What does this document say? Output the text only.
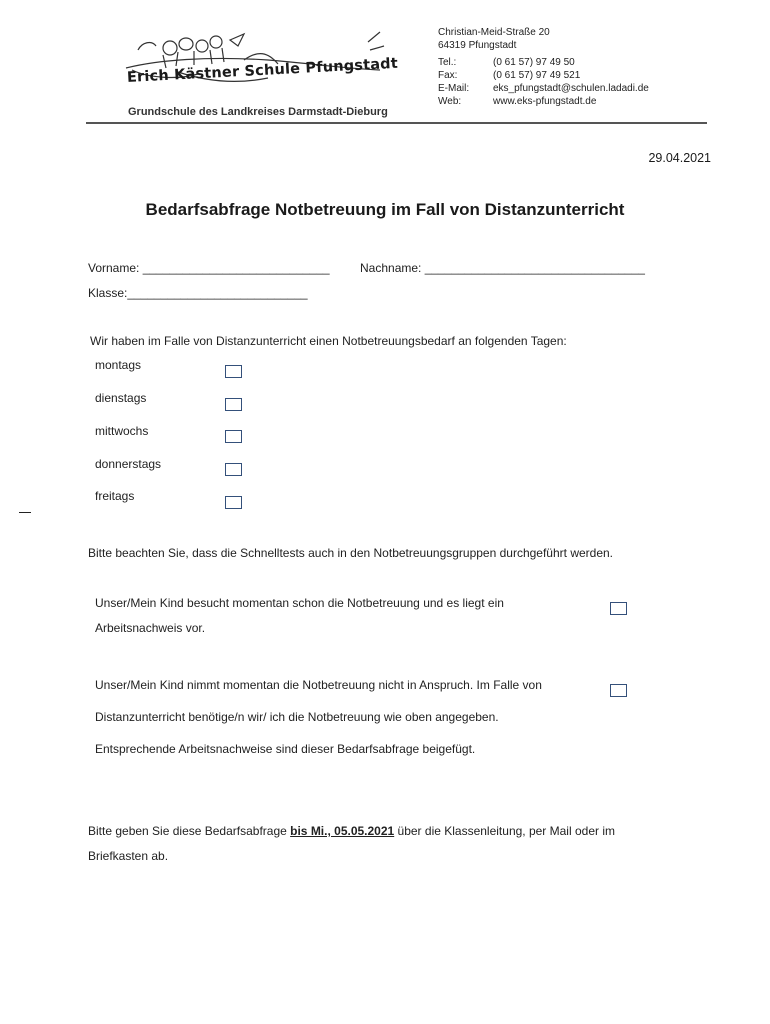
Erich Kästner Schule Pfungstadt
Grundschule des Landkreises Darmstadt-Dieburg
Christian-Meid-Straße 20
64319 Pfungstadt
Tel.:	(0 61 57) 97 49 50
Fax:	(0 61 57) 97 49 521
E-Mail: eks_pfungstadt@schulen.ladadi.de
Web:	www.eks-pfungstadt.de
29.04.2021
Bedarfsabfrage Notbetreuung im Fall von Distanzunterricht
Vorname: ____________________________	Nachname: _________________________________
Klasse:___________________________
Wir haben im Falle von Distanzunterricht einen Notbetreuungsbedarf an folgenden Tagen:
montags
dienstags
mittwochs
donnerstags
freitags
Bitte beachten Sie, dass die Schnelltests auch in den Notbetreuungsgruppen durchgeführt werden.
Unser/Mein Kind besucht momentan schon die Notbetreuung und es liegt ein
Arbeitsnachweis vor.
Unser/Mein Kind nimmt momentan die Notbetreuung nicht in Anspruch. Im Falle von
Distanzunterricht benötige/n wir/ ich die Notbetreuung wie oben angegeben.
Entsprechende Arbeitsnachweise sind dieser Bedarfsabfrage beigefügt.
Bitte geben Sie diese Bedarfsabfrage bis Mi., 05.05.2021 über die Klassenleitung, per Mail oder im
Briefkasten ab.
